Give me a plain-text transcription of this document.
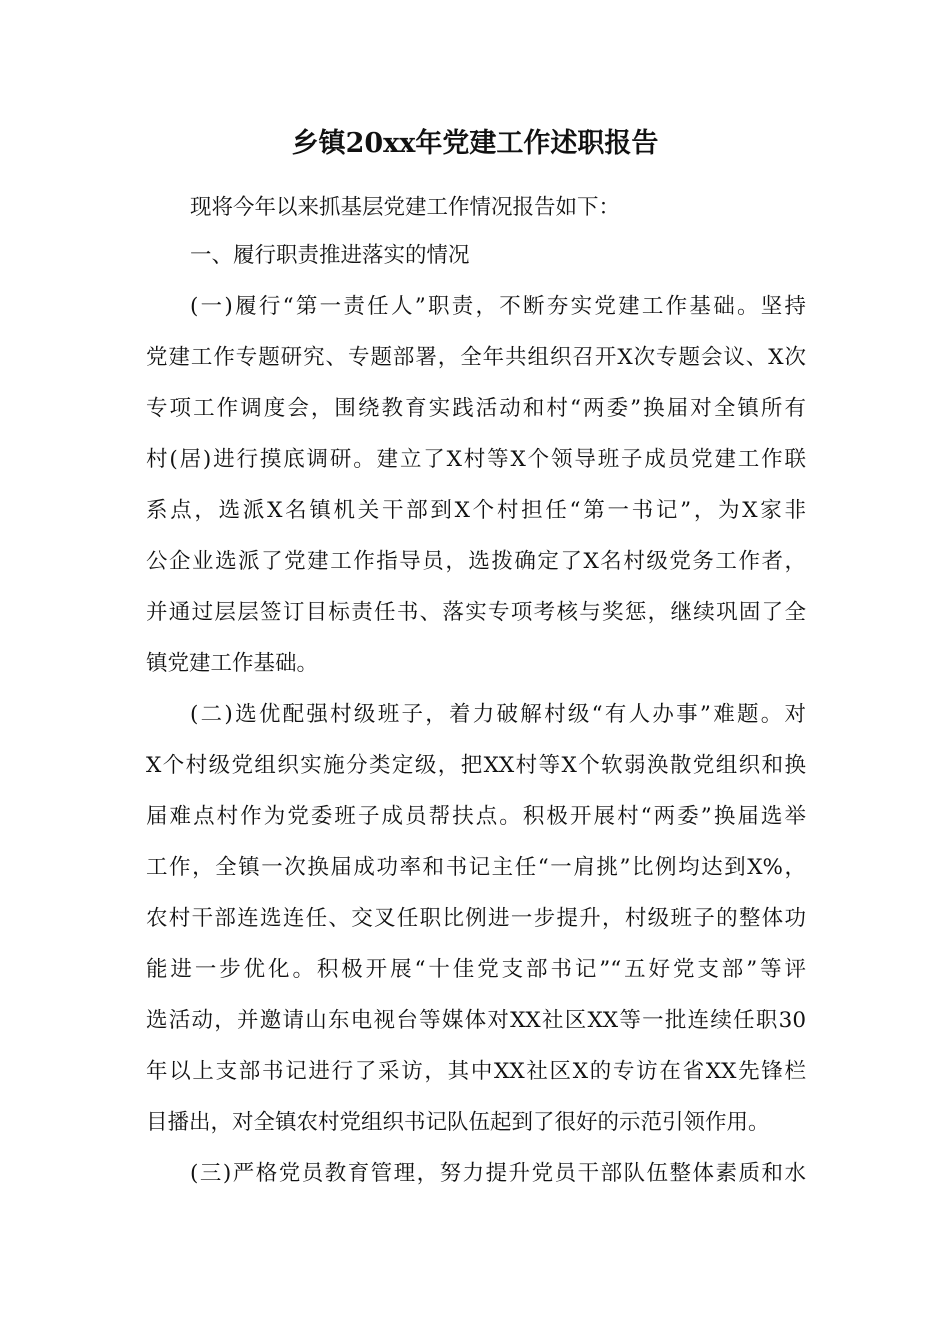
乡镇20xx年党建工作述职报告
现将今年以来抓基层党建工作情况报告如下：
一、履行职责推进落实的情况
(一)履行“第一责任人”职责，不断夯实党建工作基础。坚持
党建工作专题研究、专题部署，全年共组织召开X次专题会议、X次
专项工作调度会，围绕教育实践活动和村“两委”换届对全镇所有
村(居)进行摸底调研。建立了X村等X个领导班子成员党建工作联
系点，选派X名镇机关干部到X个村担任“第一书记”，为X家非
公企业选派了党建工作指导员，选拨确定了X名村级党务工作者，
并通过层层签订目标责任书、落实专项考核与奖惩，继续巩固了全
镇党建工作基础。
(二)选优配强村级班子，着力破解村级“有人办事”难题。对
X个村级党组织实施分类定级，把XX村等X个软弱涣散党组织和换
届难点村作为党委班子成员帮扶点。积极开展村“两委”换届选举
工作，全镇一次换届成功率和书记主任“一肩挑”比例均达到X%，
农村干部连选连任、交叉任职比例进一步提升，村级班子的整体功
能进一步优化。积极开展“十佳党支部书记”“五好党支部”等评
选活动，并邀请山东电视台等媒体对XX社区XX等一批连续任职30
年以上支部书记进行了采访，其中XX社区X的专访在省XX先锋栏
目播出，对全镇农村党组织书记队伍起到了很好的示范引领作用。
(三)严格党员教育管理，努力提升党员干部队伍整体素质和水
